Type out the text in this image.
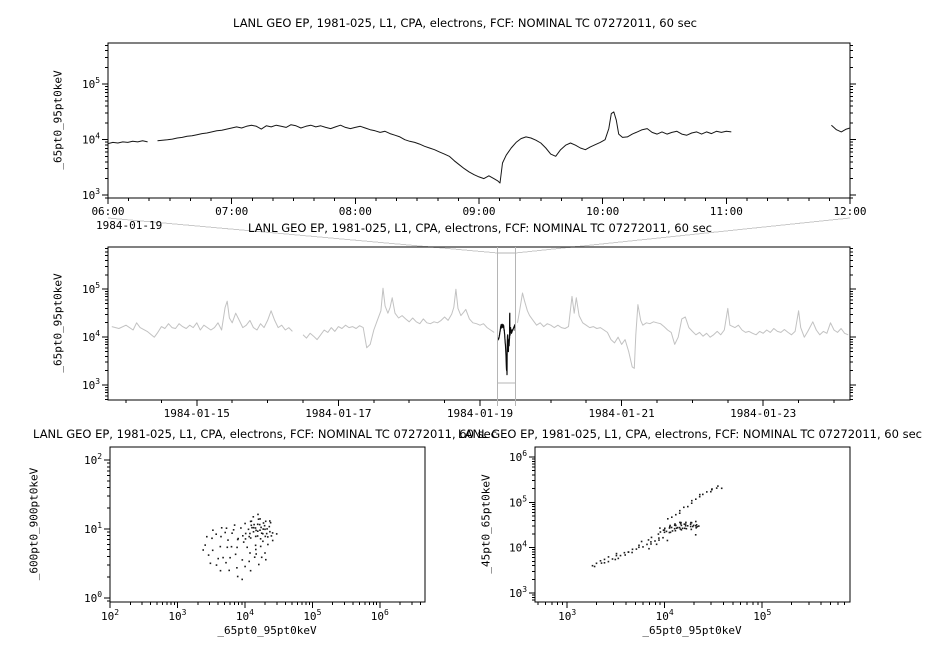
$10^3$
$10^4$
$10^5$
06:00	07:00	08:00	09:00	10:00	11:00	12:00
$10^3$
$10^4$
$10^5$
1984-01-15	1984-01-17	1984-01-19	1984-01-21	1984-01-23
$10^0$
$10^1$
$10^2$
$10^2$	$10^3$	$10^4$	$10^5$	$10^6$
$10^3$
$10^4$
$10^5$
$10^6$
$10^3$	$10^4$	$10^5$
LANL GEO EP, 1981-025, L1, CPA, electrons, FCF: NOMINAL TC 07272011, 60 sec
LANL GEO EP, 1981-025, L1, CPA, electrons, FCF: NOMINAL TC 07272011, 60 sec
LANL GEO EP, 1981-025, L1, CPA, electrons, FCF: NOMINAL TC 07272011, 60 sec
LANL GEO EP, 1981-025, L1, CPA, electrons, FCF: NOMINAL TC 07272011, 60 sec
_65pt0_95pt0keV
_65pt0_95pt0keV
_600pt0_900pt0keV	_45pt0_65pt0keV
_65pt0_95pt0keV	_65pt0_95pt0keV
1984-01-19
